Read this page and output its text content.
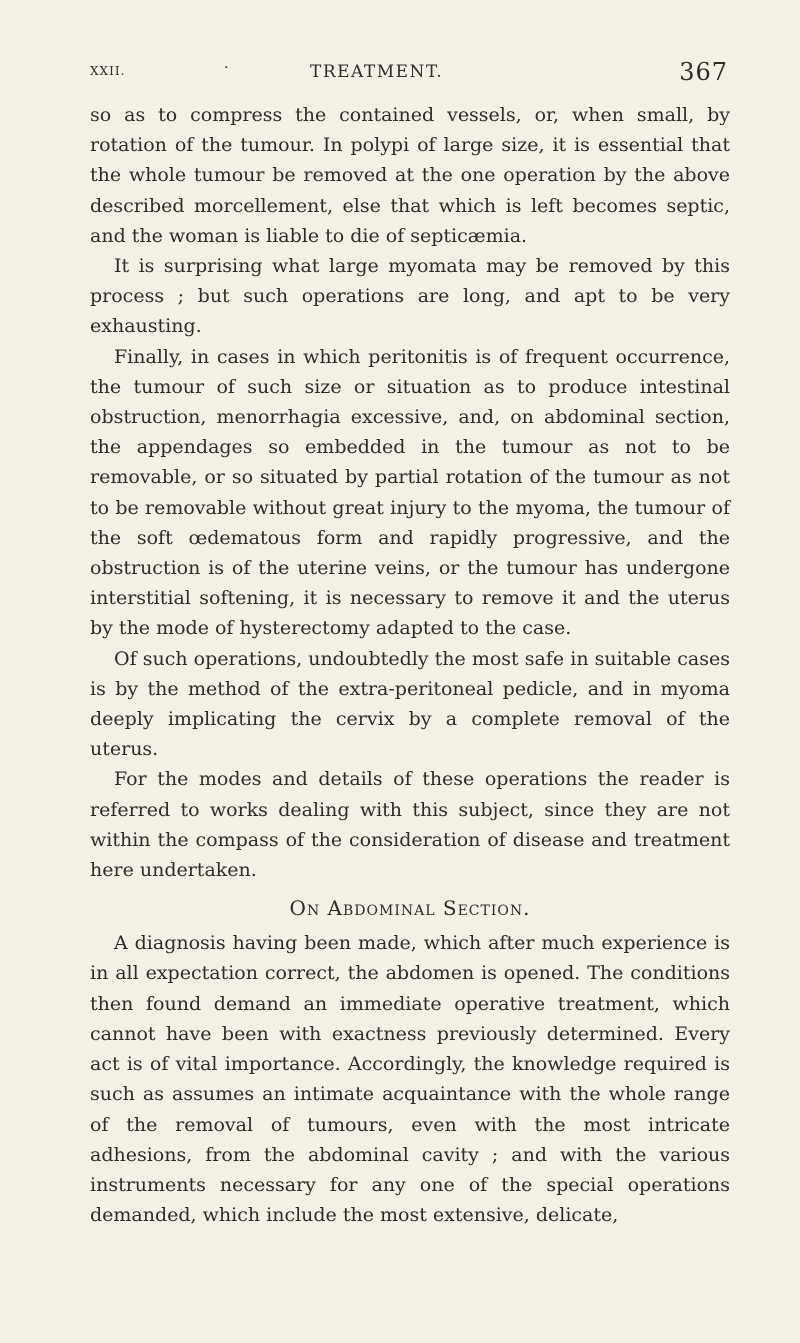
XXII.	·	TREATMENT.	367

so as to compress the contained vessels, or, when small, by rotation of the tumour. In polypi of large size, it is essential that the whole tumour be removed at the one operation by the above described morcellement, else that which is left becomes septic, and the woman is liable to die of septicæmia.

It is surprising what large myomata may be removed by this process ; but such operations are long, and apt to be very exhausting.

Finally, in cases in which peritonitis is of frequent occurrence, the tumour of such size or situation as to produce intestinal obstruction, menorrhagia excessive, and, on abdominal section, the appendages so embedded in the tumour as not to be removable, or so situated by partial rotation of the tumour as not to be removable without great injury to the myoma, the tumour of the soft œdematous form and rapidly progressive, and the obstruction is of the uterine veins, or the tumour has undergone interstitial softening, it is necessary to remove it and the uterus by the mode of hysterectomy adapted to the case.

Of such operations, undoubtedly the most safe in suitable cases is by the method of the extra-peritoneal pedicle, and in myoma deeply implicating the cervix by a complete removal of the uterus.

For the modes and details of these operations the reader is referred to works dealing with this subject, since they are not within the compass of the consideration of disease and treatment here undertaken.

On Abdominal Section.

A diagnosis having been made, which after much experience is in all expectation correct, the abdomen is opened. The conditions then found demand an immediate operative treatment, which cannot have been with exactness previously determined. Every act is of vital importance. Accordingly, the knowledge required is such as assumes an intimate acquaintance with the whole range of the removal of tumours, even with the most intricate adhesions, from the abdominal cavity ; and with the various instruments necessary for any one of the special operations demanded, which include the most extensive, delicate,
